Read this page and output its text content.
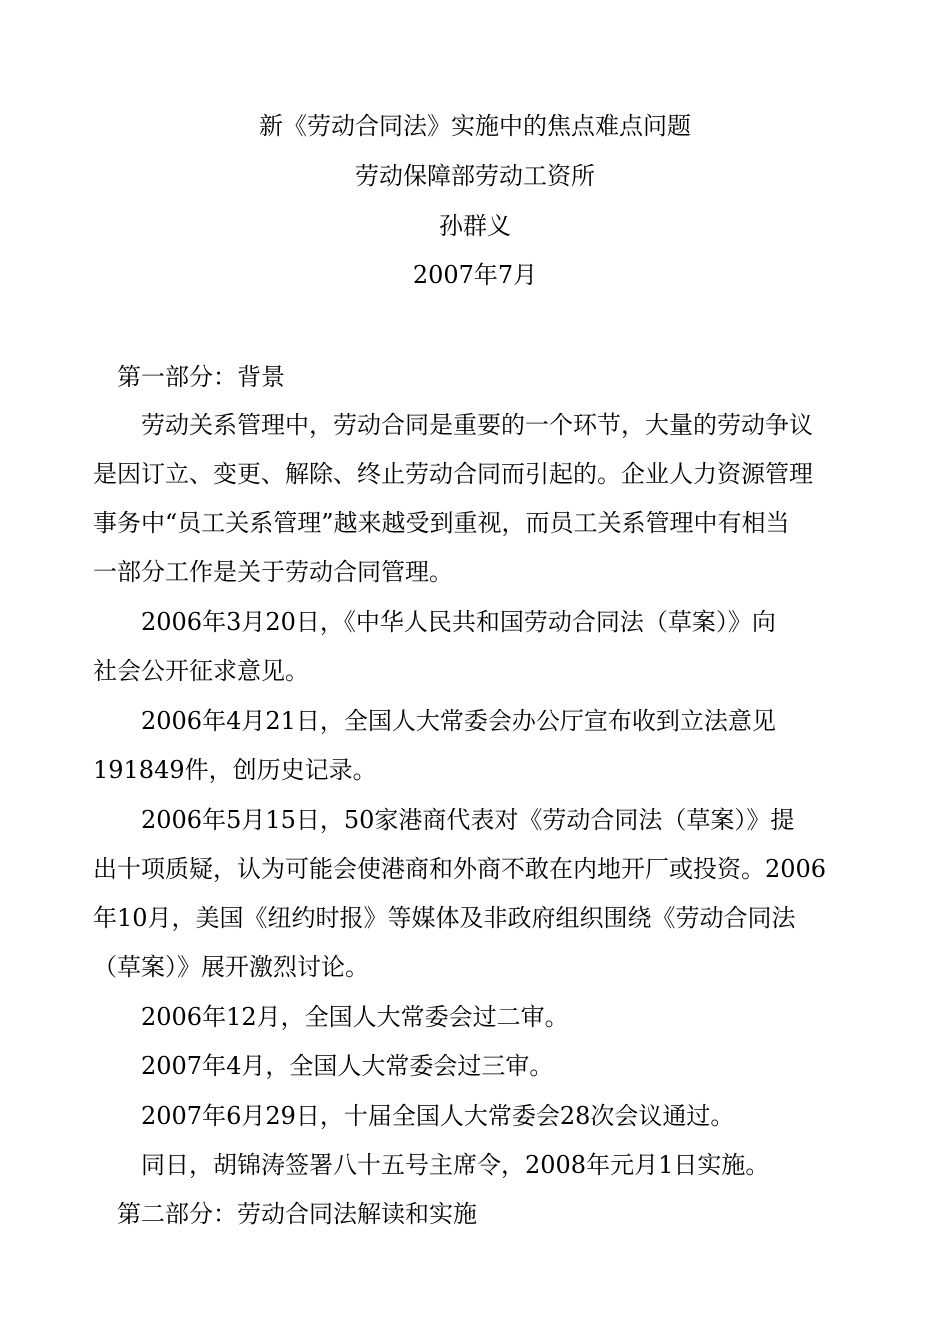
新《劳动合同法》实施中的焦点难点问题
劳动保障部劳动工资所
孙群义
2007年7月
第一部分：背景
劳动关系管理中，劳动合同是重要的一个环节，大量的劳动争议
是因订立、变更、解除、终止劳动合同而引起的。企业人力资源管理
事务中“员工关系管理”越来越受到重视，而员工关系管理中有相当
一部分工作是关于劳动合同管理。
2006年3月20日，《中华人民共和国劳动合同法（草案）》向
社会公开征求意见。
2006年4月21日，全国人大常委会办公厅宣布收到立法意见
191849件，创历史记录。
2006年5月15日，50家港商代表对《劳动合同法（草案）》提
出十项质疑，认为可能会使港商和外商不敢在内地开厂或投资。2006
年10月，美国《纽约时报》等媒体及非政府组织围绕《劳动合同法
（草案）》展开激烈讨论。
2006年12月，全国人大常委会过二审。
2007年4月，全国人大常委会过三审。
2007年6月29日，十届全国人大常委会28次会议通过。
同日，胡锦涛签署八十五号主席令，2008年元月1日实施。
第二部分：劳动合同法解读和实施
